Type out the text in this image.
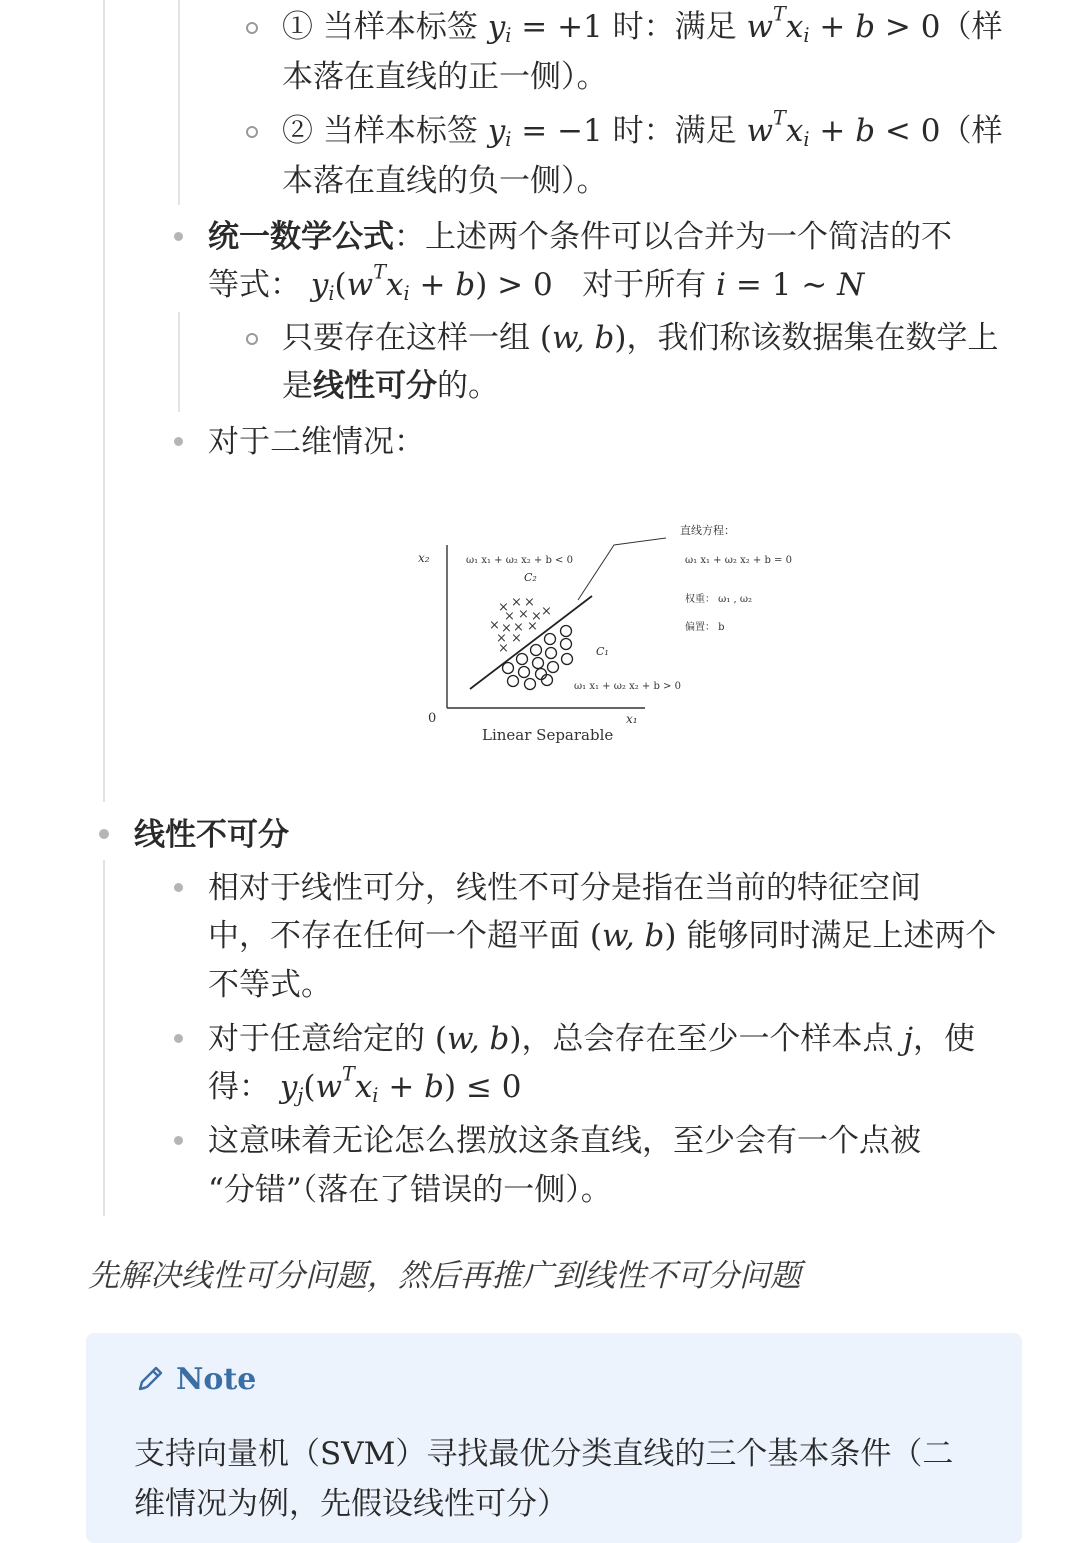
① 当样本标签 $y_i = +1$ 时：满足 $w^Tx_i + b > 0$（样
本落在直线的正一侧）。
② 当样本标签 $y_i = -1$ 时：满足 $w^Tx_i + b < 0$（样
本落在直线的负一侧）。
统一数学公式：上述两个条件可以合并为一个简洁的不
等式： $y_i(w^Tx_i + b) > 0$ 对于所有 i = 1 ∼ N
只要存在这样一组 (w, b)，我们称该数据集在数学上
是线性可分的。
对于二维情况：
x₂
0	x₁
Linear Separable
ω₁ x₁ + ω₂ x₂ + b < 0
C₂
C₁
ω₁ x₁ + ω₂ x₂ + b > 0
直线方程：
ω₁ x₁ + ω₂ x₂ + b = 0
权重： ω₁ , ω₂
偏置： b
× × ×
×
× × ×
× × × ×
× ×
×
线性不可分
相对于线性可分，线性不可分是指在当前的特征空间
中，不存在任何一个超平面 (w, b) 能够同时满足上述两个
不等式。
对于任意给定的 (w, b)，总会存在至少一个样本点 j，使
得： $y_j(w^Tx_i + b) \le 0$
这意味着无论怎么摆放这条直线，至少会有一个点被
“分错”（落在了错误的一侧）。
先解决线性可分问题，然后再推广到线性不可分问题
Note
支持向量机（SVM）寻找最优分类直线的三个基本条件（二
维情况为例，先假设线性可分）
